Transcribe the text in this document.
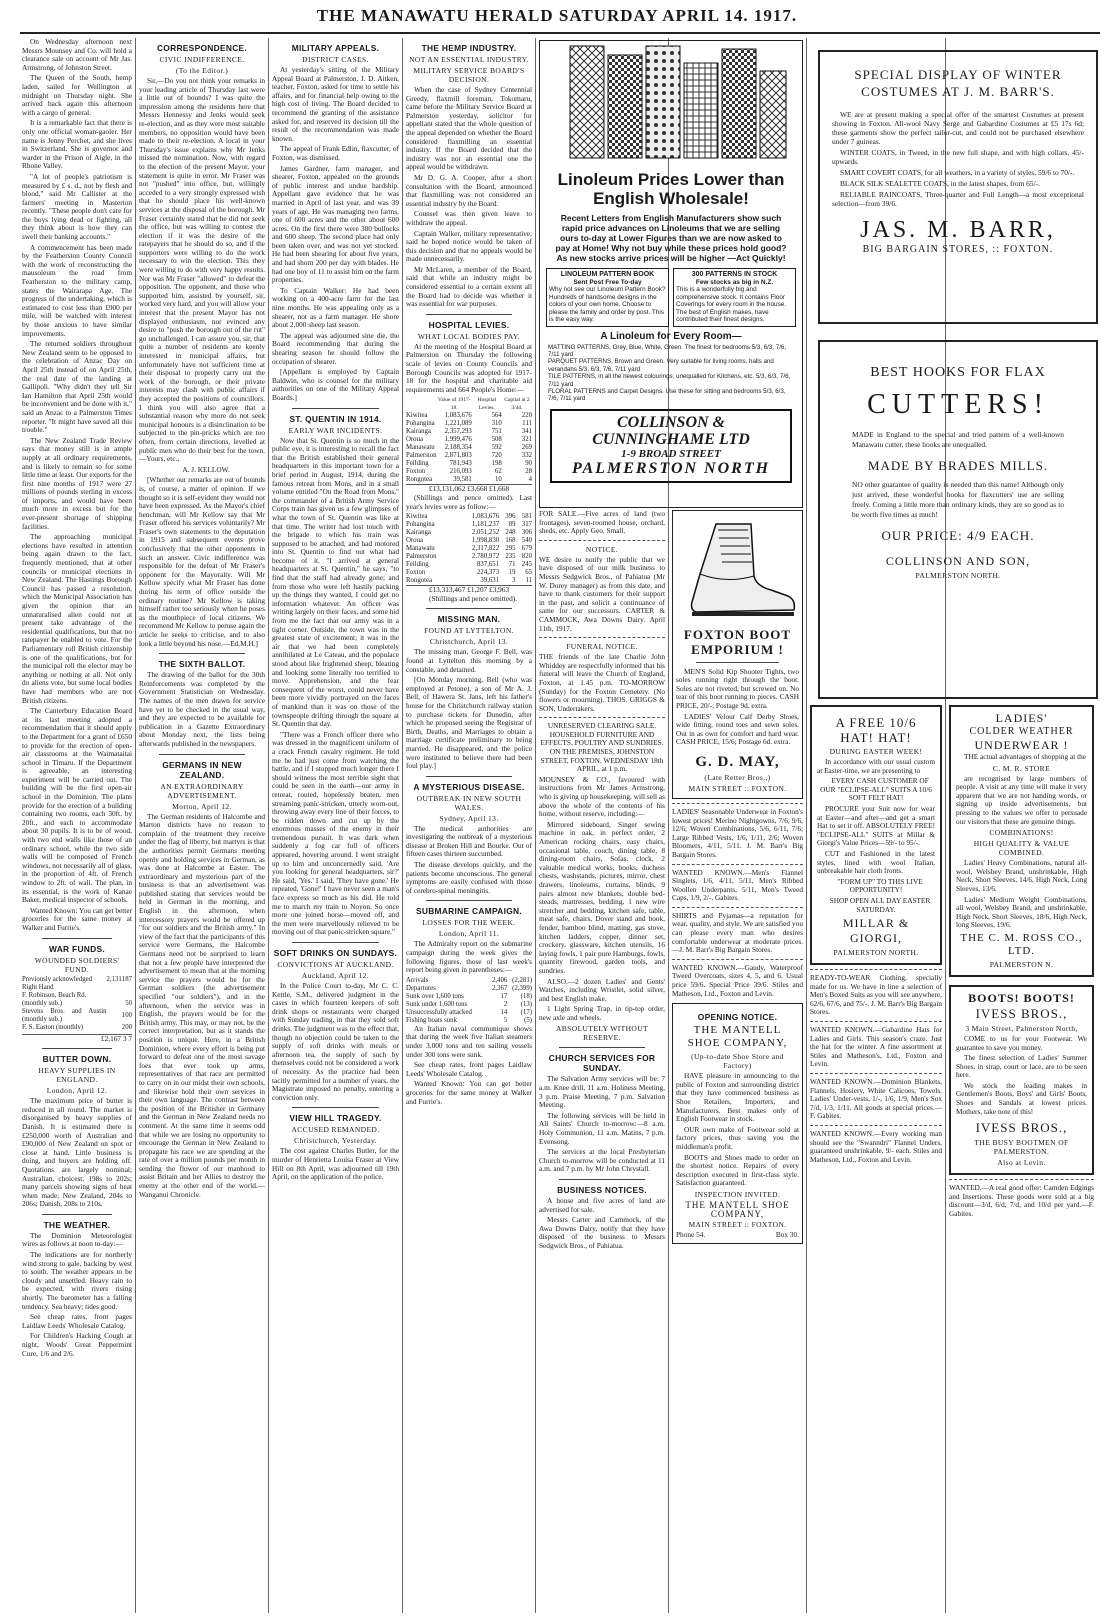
THE MANAWATU HERALD SATURDAY APRIL 14. 1917.

On Wednesday afternoon next Messrs Mounsey and Co. will hold a clearance sale on account of Mr Jas. Armstrong, of Johnston Street.

The Queen of the South, hemp laden, sailed for Wellington at midnight on Thursday night. She arrived back again this afternoon with a cargo of general.

It is a remarkable fact that there is only one official woman-gaoler. Her name is Jenny Perchet, and she lives in Switzerland. She is governor and warder in the Prison of Aigle, in the Rhone Valley.

"A lot of people's patriotism is measured by £ s. d., not by flesh and blood," said Mr Callister at the farmers' meeting in Masterton recently. "These people don't care for the boys lying dead or fighting, all they think about is how they can swell their banking accounts."

A commencement has been made by the Featherston County Council with the work of reconstructing the mausoleum the road from Featherston to the military camp, states the Wairarapa Age. The progress of the undertaking, which is estimated to cost less than £900 per mile, will be watched with interest by those anxious to have similar improvements.

The returned soldiers throughout New Zealand seem to be opposed to the celebration of Anzac Day on April 25th instead of on April 25th, the real date of the landing at Gallipoli. "Why didn't they tell Sir Ian Hamilton that April 25th would be inconvenient and be done with it," said an Anzac to a Palmerston Times reporter. "It might have saved all this trouble."

The New Zealand Trade Review says that money still is in ample supply at all ordinary requirements, and is likely to remain so for some little time at least. Our exports for the first nine months of 1917 were 27 millions of pounds sterling in excess of imports, and would have been much more in excess but for the ever-present shortage of shipping facilities.

The approaching municipal elections have resulted in attention being again drawn to the fact, frequently mentioned, that at other councils or municipal elections in New Zealand. The Hastings Borough Council has passed a resolution, which the Municipal Association has given the opinion that an unnaturalised alien could not at present take advantage of the residential qualifications, but that no ratepayer be enabled to vote. For the Parliamentary roll British citizenship is one of the qualifications, but for the municipal roll the elector may be anything or nothing at all. Not only do aliens vote, but some local bodies have had members who are not British citizens.

The Canterbury Education Board at its last meeting adopted a recommendation that it should apply to the Department for a grant of £650 to provide for the erection of open-air classrooms at the Waimataitai school in Timaru. If the Department is agreeable, an interesting experiment will be carried out. The building will be the first open-air school in the Dominion. The plans provide for the erection of a building containing two rooms, each 30ft. by 20ft., and each to accommodate about 30 pupils. It is to be of wood, with two end walls like those of an ordinary school, while the two side walls will be composed of French windows, not necessarily all of glass, in the proportion of 4ft. of French window to 2ft. of wall. The plan, in its essential, is the work of Kanae Baker, medical inspector of schools.

Wanted Known: You can get better groceries for the same money at Walker and Furrie's.

WAR FUNDS.
WOUNDED SOLDIERS' FUND.
Previously acknowledged	2,131	18	7
Right Hand			
F. Robinson, Beach Rd.			
(monthly sub.)		5	0
Stevens Bros. and Austin (monthly sub.)		10	0
F. S. Easton (monthly)		20	0
£2,167 3 7
BUTTER DOWN.
HEAVY SUPPLIES IN ENGLAND.
London, April 12.

The maximum price of butter is reduced in all round. The market is disorganised by heavy supplies of Danish. It is estimated there is £250,000 worth of Australian and £90,000 of New Zealand on spot or close at hand. Little business is doing, and buyers are holding off. Quotations are largely nominal; Australian, choicest, 198s to 202s; many parcels showing signs of heat when made; New Zealand, 204s to 206s; Danish, 208s to 210s.

THE WEATHER.

The Dominion Meteorologist wires as follows at noon to-day:—

The indications are for northerly wind strong to gale, backing by west to south. The weather appears to be cloudy and unsettled. Heavy rain to be expected, with rivers rising shortly. The barometer has a falling tendency. Sea heavy; tides good.

See cheap rates, front pages Laidlaw Leeds' Wholesale Catalog.

For Children's Hacking Cough at night, Woods' Great Peppermint Cure, 1/6 and 2/6.

CORRESPONDENCE.
CIVIC INDIFFERENCE.
(To the Editor.)

Sir,—Do you not think your remarks in your leading article of Thursday last were a little out of bounds? I was quite the impression among the residents here that Messrs Hennessy and Jenks would seek re-election, and as they were most suitable members, no opposition would have been made to their re-election. A local in your Thursday's issue explains why Mr Jenks missed the nomination. Now, with regard to the election of the present Mayor, your statement is quite in error. Mr Fraser was not "pushed" into office, but, willingly acceded to a very strongly expressed wish that he should place his well-known services at the disposal of the borough. Mr Fraser certainly stated that he did not seek the office, but was willing to contest the election if it was the desire of the ratepayers that he should do so, and if the supporters were willing to do the work necessary to win the election. This they were willing to do with very happy results. Nor was Mr Fraser "allowed" to defeat the opposition. The opponent, and those who supported him, assisted by yourself, sir, worked very hard, and you will allow your interest that the present Mayor has not displayed enthusiasm, nor evinced any desire to "push the borough out of the rut" go unchallenged. I can assure you, sir, that quite a number of residents are keenly interested in municipal affairs, but unfortunately have not sufficient time at their disposal to properly carry out the work of the borough, or their private interests may clash with public affairs if they accepted the positions of councillors. I think you will also agree that a substantial reason why more do not seek municipal honours is a disinclination to be subjected to the pin-pricks which are too often, from certain directions, levelled at public men who do their best for the town.—Yours, etc.,

A. J. KELLOW.

[Whether our remarks are out of bounds is, of course, a matter of opinion. If we thought so it is self-evident they would not have been expressed. As the Mayor's chief henchman, will Mr Kellow say that Mr Fraser offered his services voluntarily? Mr Fraser's own statements to the deputation in 1915 and subsequent events prove conclusively that the other opponents in such an answer. Civic indifference was responsible for the defeat of Mr Fraser's opponent for the Mayoralty. Will Mr Kellow specify what Mr Fraser has done during his term of office outside the ordinary routine? Mr Kellow is taking himself rather too seriously when he poses as the mouthpiece of local citizens. We recommend Mr Kellow to peruse again the article he seeks to criticise, and to also look a little beyond his nose.—Ed.M.H.]

THE SIXTH BALLOT.

The drawing of the ballot for the 30th Reinforcements was completed by the Government Statistician on Wednesday. The names of the men drawn for service have yet to be checked in the usual way, and they are expected to be available for publication in a Gazette Extraordinary about Monday next, the lists being afterwards published in the newspapers.

GERMANS IN NEW ZEALAND.
AN EXTRAORDINARY ADVERTISEMENT.
Morton, April 12.

The German residents of Halcombe and Marton districts have no reason to complain of the treatment they receive under the flag of liberty, but martyrs is that the authorities permit Germans meeting openly and holding services in German, as was done at Halcombe at Easter. The extraordinary and mysterious part of the business is that an advertisement was published stating that services would be held in German in the morning, and English in the afternoon, when intercessory prayers would be offered up "for our soldiers and the British army." In view of the fact that the participants of this service were Germans, the Halcombe Germans need not be surprised to learn that not a few people have interpreted the advertisement to mean that at the morning service the prayers would be for the German soldiers (the advertisement specified "our soldiers"), and in the afternoon, when the service was in English, the prayers would be for the British army. This may, or may not, be the correct interpretation, but as it stands the position is unique. Here, in a British Dominion, where every effort is being put forward to defeat one of the most savage foes that ever took up arms, representatives of that race are permitted to carry on in our midst their own schools, and likewise hold their own services in their own language. The contrast between the position of the Britisher in Germany and the German in New Zealand needs no comment. At the same time it seems odd that while we are losing no opportunity to encourage the German in New Zealand to propagate his race we are spending at the rate of over a million pounds per month in sending the flower of our manhood to assist Britain and her Allies to destroy the enemy at the other end of the world.—Wanganui Chronicle.

MILITARY APPEALS.
DISTRICT CASES.

At yesterday's sitting of the Military Appeal Board at Palmerston, J. D. Aitken, teacher, Foxton, asked for time to settle his affairs, and for financial help owing to the high cost of living. The Board decided to recommend the granting of the assistance asked for, and reserved its decision till the result of the recommendation was made known.

The appeal of Frank Edlin, flaxcutter, of Foxton, was dismissed.

James Gardner, farm manager, and shearer, Foxton, appealed on the grounds of public interest and undue hardship. Appellant gave evidence that he was married in April of last year, and was 39 years of age. He was managing two farms, one of 600 acres and the other about 600 acres. On the first there were 380 bullocks and 600 sheep. The second place had only been taken over, and was not yet stocked. He had been shearing for about five years, and had shorn 200 per day with blades. He had one boy of 11 to assist him on the farm properties.

To Captain Walker: He had been working on a 400-acre farm for the last nine months. He was appealing only as a shearer, not as a farm manager. He shore about 2,000 sheep last season.

The appeal was adjourned sine die, the Board recommending that during the shearing season he should follow the occupation of shearer.

[Appellant is employed by Captain Baldwin, who is counsel for the military authorities on one of the Military Appeal Boards.]

ST. QUENTIN IN 1914.
EARLY WAR INCIDENTS.

Now that St. Quentin is so much in the public eye, it is interesting to recall the fact that the British established their general headquarters in this important town for a brief period in August, 1914, during the famous retreat from Mons, and in a small volume entitled "On the Road from Mons," the commander of a British Army Service Corps train has given us a few glimpses of what the town of St. Quentin was like at that time. The writer had lost touch with the brigade to which his train was supposed to be attached, and had motored into St. Quentin to find out what had become of it. "I arrived at general headquarters at St. Quentin," he says, "to find that the staff had already gone; and from those who were left hastily packing up the things they wanted, I could get no information whatever. An officer was writing largely on their faces, and some hid from me the fact that our army was in a tight corner. Outside, the town was in the greatest state of excitement; it was in the air that we had been completely annihilated at Le Cateau, and the populace stood about like frightened sheep, bleating and looking some literally too terrified to move. Apprehension, and the fear consequent of the worst, could never have been more vividly portrayed on the faces of mankind than it was on those of the townspeople drifting through the square at St. Quentin that day.

"There was a French officer there who was dressed in the magnificent uniform of a crack French cavalry regiment. He told me he had just come from watching the battle, and if I stopped much longer there I should witness the most terrible sight that could be seen in the earth—our army in retreat, routed, hopelessly beaten, men streaming panic-stricken, utterly worn-out, throwing away every line of their forces, to be ridden down and cut up by the enormous masses of the enemy in their tremendous pursuit. It was dark when suddenly a fog car full of officers appeared, hovering around. I went straight up to him and unconcernedly said, 'Are you looking for general headquarters, sir?' He said, 'Yes.' I said, 'They have gone.' He repeated, 'Gone!' I have never seen a man's face express so much as his did. He told me to march my train to Noyon. So once more one joined horse—moved off, and the men were marvellously relieved to be moving out of that panic-stricken square."

SOFT DRINKS ON SUNDAYS.
CONVICTIONS AT AUCKLAND.
Auckland, April 12.

In the Police Court to-day, Mr C. C. Kettle, S.M., delivered judgment in the cases in which fourteen keepers of soft drink shops or restaurants were charged with Sunday trading, in that they sold soft drinks. The judgment was to the effect that, though no objection could be taken to the supply of soft drinks with meals or afternoon tea, the supply of such by themselves could not be considered a work of necessity. As the practice had been tacitly permitted for a number of years, the Magistrate imposed no penalty, entering a conviction only.

VIEW HILL TRAGEDY.
ACCUSED REMANDED.
Christchurch, Yesterday.

The cost against Charles Butler, for the murder of Henrietta Louisa Fraser at View Hill on 8th April, was adjourned till 19th April, on the application of the police.

THE HEMP INDUSTRY.
NOT AN ESSENTIAL INDUSTRY.
MILITARY SERVICE BOARD'S DECISION.

When the case of Sydney Centennial Greedy, flaxmill foreman, Tokomaru, came before the Military Service Board at Palmerston yesterday, solicitor for appellant stated that the whole question of the appeal depended on whether the Board considered flaxmilling an essential industry. If the Board decided that the industry was not an essential one the appeal would be withdrawn.

Mr D. G. A. Cooper, after a short consultation with the Board, announced that flaxmilling was not considered an essential industry by the Board.

Counsel was then given leave to withdraw the appeal.

Captain Walker, military representative, said he hoped notice would be taken of this decision and that no appeals would be made unnecessarily.

Mr McLaren, a member of the Board, said that while an industry might be considered essential to a certain extent all the Board had to decide was whether it was essential for war purposes.

HOSPITAL LEVIES.
WHAT LOCAL BODIES PAY.

At the meeting of the Hospital Board at Palmerston on Thursday the following scale of levies on County Councils and Borough Councils was adopted for 1917-18 for the hospital and charitable aid requirements and 664 People's Home:—

	Value of 1917-18.	Hospital Levies.	Capital at 2 3/4d.
Kiwitea	1,083,676	564	220
Pohangina	1,221,089	310	111
Kairanga	2,357,293	751	341
Oroua	1,999,476	508	321
Manawatu	2,188,354	592	269
Palmerston	2,871,803	720	332
Feilding	781,943	198	90
Foxton	216,093	62	28
Rongotea	39,581	10	4
£13,131,062 £3,668 £1,668

(Shillings and pence omitted). Last year's levies were as follow:—

Kiwitea	1,083,676	396	581
Pohangina	1,181,237	89	317
Kairanga	2,051,252	248	306
Oroua	1,998,830	168	540
Manawatu	2,317,822	295	679
Palmerston	2,780,972	235	820
Feilding	837,651	71	245
Foxton	224,373	19	65
Rongotea	39,631	3	11
£13,313,467 £1,207 £3,963

(Shillings and pence omitted).

MISSING MAN.
FOUND AT LYTTELTON.
Christchurch, April 13.

The missing man, George F. Bell, was found at Lyttelton this morning by a constable, and detained.

[On Monday morning, Bell (who was employed at Petone), a son of Mr A. J. Bell, of Hawera St. Jans, left his father's house for the Christchurch railway station to purchase tickets for Dunedin, after which he proposed seeing the Registrar of Birth, Deaths, and Marriages to obtain a marriage certificate preliminary to being married. He disappeared, and the police were instituted to believe there had been foul play.]

A MYSTERIOUS DISEASE.
OUTBREAK IN NEW SOUTH WALES.
Sydney, April 13.

The medical authorities are investigating the outbreak of a mysterious disease at Broken Hill and Bourke. Out of fifteen cases thirteen succumbed.

The disease develops quickly, and the patients become unconscious. The general symptoms are easily confused with those of cerebro-spinal meningitis.

SUBMARINE CAMPAIGN.
LOSSES FOR THE WEEK.
London, April 11.

The Admiralty report on the submarine campaign during the week gives the following figures, those of last week's report being given in parentheses:—

Arrivals	2,406	(2,281)
Departures	2,367	(2,399)
Sunk over 1,600 tons	17	(18)
Sunk under 1,600 tons	2	(13)
Unsuccessfully attacked	14	(17)
Fishing boats sunk	5	(5)

An Italian naval communique shows that during the week five Italian steamers under 3,000 tons and ten sailing vessels under 300 tons were sunk.

See cheap rates, front pages Laidlaw Leeds' Wholesale Catalog.

Wanted Known: You can get better groceries for the same money at Walker and Furrie's.

Linoleum Prices Lower than English Wholesale!
Recent Letters from English Manufacturers show such rapid price advances on Linoleums that we are selling ours to-day at Lower Figures than we are now asked to pay at Home! Why not buy while these prices hold good? As new stocks arrive prices will be higher —Act Quickly!
LINOLEUM PATTERN BOOK
Sent Post Free To-day
Why not see our Linoleum Pattern Book? Hundreds of handsome designs in the colors of your own home. Choose to please the family and order by post. This is the easy way.
300 PATTERNS IN STOCK
Few stocks as big in N.Z.
This is a wonderfully big and comprehensive stock. It contains Floor Coverings for every room in the house. The best of English makes, have contributed their finest designs.
A Linoleum for Every Room—
MATTING PATTERNS, Grey, Blue, White, Green. The finest for bedrooms 5/3, 6/3, 7/6, 7/11 yard
PARQUET PATTERNS, Brown and Green. Very suitable for living rooms, halls and verandahs 5/3, 6/3, 7/6, 7/11 yard
TILE PATTERNS, in all the newest colourings; unequalled for Kitchens, etc. 5/3, 6/3, 7/6, 7/11 yard
FLORAL PATTERNS and Carpet Designs. Use these for sitting and bedrooms 5/3, 6/3, 7/6, 7/11 yard
COLLINSON & CUNNINGHAME LTD
1-9 BROAD STREET
PALMERSTON NORTH

FOR SALE.—Five acres of land (two frontages), seven-roomed house, orchard, sheds, etc. Apply Geo. Small.

NOTICE.

WE desire to notify the public that we have disposed of our milk business to Messrs Sedgwick Bros., of Pahiatua (Mr W. Dorey manager) as from this date, and have to thank customers for their support in the past, and solicit a continuance of same for our successors. CARTER & CAMMOCK, Awa Downs Dairy. April 11th, 1917.

FUNERAL NOTICE.

THE friends of the late Charlie John Whiddey are respectfully informed that his funeral will leave the Church of England, Foxton, at 1.45 p.m. TO-MORROW (Sunday) for the Foxton Cemetery. (No flowers or mourning). THOS. GRIGGS & SON, Undertakers.

UNRESERVED CLEARING SALE. HOUSEHOLD FURNITURE AND EFFECTS, POULTRY AND SUNDRIES. ON THE PREMISES, JOHNSTON STREET, FOXTON. WEDNESDAY 18th APRIL, at 1 p.m.

MOUNSEY & CO., favoured with instructions from Mr James Armstrong, who is giving up housekeeping, will sell as above the whole of the contents of his home, without reserve, including:—

Mirrored sideboard, Singer sewing machine in oak, in perfect order, 2 American rocking chairs, easy chairs, occasional table, couch, dining table, 8 dining-room chairs, Sofas, clock, 2 valuable medical works, books, duchess chests, washstands, pictures, mirror, chest drawers, linoleums, curtains, blinds, 9 pairs almost new blankets, double bed-steads, mattresses, bedding, 1 new wire stretcher and bedding, kitchen safe, table, meat safe, chairs, Dover stand and book, fender, bamboo blind, matting, gas stove, kitchen ladders, copper, dinner set, crockery, glassware, kitchen utensils, 16 laying fowls, 1 pair pure Hamburgs, fowls, quantity firewood, garden tools, and sundries.

ALSO.—2 dozen Ladies' and Gents' Watches, including Wristlet, solid silver, and best English make.

1 Light Spring Trap, in tip-top order, new axle and wheels.

ABSOLUTELY WITHOUT RESERVE.
CHURCH SERVICES FOR SUNDAY.

The Salvation Army services will be: 7 a.m. Knee drill, 11 a.m. Holiness Meeting, 3 p.m. Praise Meeting, 7 p.m. Salvation Meeting.

The following services will be held in All Saints' Church to-morrow:—8 a.m. Holy Communion, 11 a.m. Matins, 7 p.m. Evensong.

The services at the local Presbyterian Church to-morrow will be conducted at 11 a.m. and 7 p.m. by Mr John Chrystall.

BUSINESS NOTICES.

A house and five acres of land are advertised for sale.

Messrs Carter and Cammock, of the Awa Downs Dairy, notify that they have disposed of the business to Messrs Sedgwick Bros., of Pahiatua.

FOXTON BOOT EMPORIUM !

MEN'S Solid Kip Shooter Tights, two soles running right through the boot. Soles are not riveted, but screwed on. No tear of this boot running to pieces. CASH PRICE, 20/-; Postage 9d. extra.

LADIES' Velour Calf Derby Shoes, wide fitting, round toes and sewn soles. Out in as own for comfort and hard wear. CASH PRICE, 15/6; Postage 6d. extra.

G. D. MAY,
(Late Retter Bros.,)
MAIN STREET :: FOXTON.

LADIES' Seasonable Underwear in Foxton's lowest prices! Merino Nightgowns, 7/6, 9/6, 12/6; Woven Combinations, 5/6, 6/11, 7/6; Large Ribbed Vests, 1/6, 1/11, 2/6; Woven Bloomers, 4/11, 5/11. J. M. Barr's Big Bargain Stores.

WANTED KNOWN.—Men's Flannel Singlets, 1/6, 4/11, 5/11, Men's Ribbed Woollen Underpants, 5/11, Men's Tweed Caps, 1/9, 2/-, Gabites.

SHIRTS and Pyjamas—a reputation for wear, quality, and style. We are satisfied you can please every man who desires comfortable underwear at moderate prices.—J. M. Barr's Big Bargain Stores.

WANTED KNOWN.—Gaudy, Waterproof Tweed Overcoats, sizes 4, 5, and 6. Usual price 59/6. Special Price 39/6. Stiles and Matheson, Ltd., Foxton and Levin.

OPENING NOTICE.
THE MANTELL SHOE COMPANY,
(Up-to-date Shoe Store and Factory)

HAVE pleasure in announcing to the public of Foxton and surrounding district that they have commenced business as Shoe Retailers, Importers, and Manufacturers. Best makes only of English Footwear in stock.

OUR own make of Footwear sold at factory prices, thus saving you the middleman's profit.

BOOTS and Shoes made to order on the shortest notice. Repairs of every description executed in first-class style. Satisfaction guaranteed.

INSPECTION INVITED.
THE MANTELL SHOE COMPANY,
MAIN STREET :: FOXTON.
Phone 54.	Box 30.
SPECIAL DISPLAY OF WINTER COSTUMES AT J. M. BARR'S.

WE are at present making a special offer of the smartest Costumes at present showing in Foxton. All-wool Navy Serge and Gabardine Costumes at £5 17s 6d; these garments show the perfect tailor-cut, and could not be purchased elsewhere under 7 guineas.

WINTER COATS, in Tweed, in the new full shape, and with high collars, 45/- upwards.

SMART COVERT COATS, for all weathers, in a variety of styles, 59/6 to 70/-.

BLACK SILK SEALETTE COATS, in the latest shapes, from 65/-.

RELIABLE RAINCOATS, Three-quarter and Full Length—a most exceptional selection—from 39/6.

JAS. M. BARR,
BIG BARGAIN STORES, :: FOXTON.
BEST HOOKS FOR FLAX
CUTTERS!
MADE in England to the special and tried pattern of a well-known Manawatu cutter, these hooks are unequalled.
MADE BY BRADES MILLS.
NO other guarantee of quality is needed than this name! Although only just arrived, these wonderful hooks for flaxcutters' use are selling freely. Coming a little more than ordinary kinds, they are so good as to be worth five times as much!
OUR PRICE: 4/9 EACH.
COLLINSON AND SON,
PALMERSTON NORTH.
A FREE 10/6
HAT! HAT!
DURING EASTER WEEK!

In accordance with our usual custom at Easter-time, we are presenting to

EVERY CASH CUSTOMER OF OUR "ECLIPSE-ALL" SUITS A 10/6 SOFT FELT HAT!

PROCURE your Suit now for wear at Easter—and after—and get a smart Hat to set it off. ABSOLUTELY FREE! "ECLIPSE-ALL" SUITS at Millar & Giorgi's Value Prices—59/- to 95/-.

CUT and Fashioned in the latest styles, lined with wool Italian, unbreakable hair cloth fronts.

"FORM UP" TO THIS LIVE OPPORTUNITY!

SHOP OPEN ALL DAY EASTER SATURDAY.

MILLAR & GIORGI,
PALMERSTON NORTH.

READY-TO-WEAR Clothing, specially made for us. We have in line a selection of Men's Boxed Suits as you will see anywhere, 62/6, 67/6, and 75/-. J. M. Barr's Big Bargain Stores.

WANTED KNOWN.—Gabardine Hats for Ladies and Girls. This season's craze. Just the hat for the winter. A fine assortment at Stiles and Matheson's, Ltd., Foxton and Levin.

WANTED KNOWN.—Dominion Blankets, Flannels, Hosiery, White Calicoes, Towels, Ladies' Under-vests, 1/-, 1/6, 1/9, Men's Sox 7/d, 1/3, 1/11. All goods at special prices.—F. Gabites.

WANTED KNOWN.—Every working man should see the "Swanndri" Flannel Unders, guaranteed unshrinkable, 9/- each. Stiles and Matheson, Ltd., Foxton and Levin.

LADIES'
COLDER WEATHER
UNDERWEAR !

THE actual advantages of shopping at the

C. M. R. STORE

are recognised by large numbers of people. A visit at any time will make it very apparent that we are not handing words, or signing up inside advertisements, but pressing to the values we offer to persuade our visitors that these are genuine things.

COMBINATIONS!
HIGH QUALITY & VALUE COMBINED.

Ladies' Heavy Combinations, natural all-wool, Welsbey Brand, unshrinkable, High Neck, Short Sleeves, 14/6, High Neck, Long Sleeves, 13/6.

Ladies' Medium Weight Combinations, all wool, Welsbey Brand, and unshrinkable, High Neck, Short Sleeves, 18/6, High Neck, long Sleeves, 19/6.

THE C. M. ROSS CO., LTD.
PALMERSTON N.
BOOTS! BOOTS!
IVESS BROS.,
3 Main Street, Palmerston North,

COME to us for your Footwear. We guarantee to save you money.

The finest selection of Ladies' Summer Shoes, in strap, court or lace, are to be seen here.

We stock the leading makes in Gentlemen's Boots, Boys' and Girls' Boots, Shoes and Sandals at lowest prices. Mothers, take note of this!

IVESS BROS.,
THE BUSY BOOTMEN OF PALMERSTON.
Also at Levin.

WANTED.—A real good offer: Camden Edgings and Insertions. These goods were sold at a big discount—3/d, 6/d, 7/d, and 10/d per yard.—F. Gabites.
